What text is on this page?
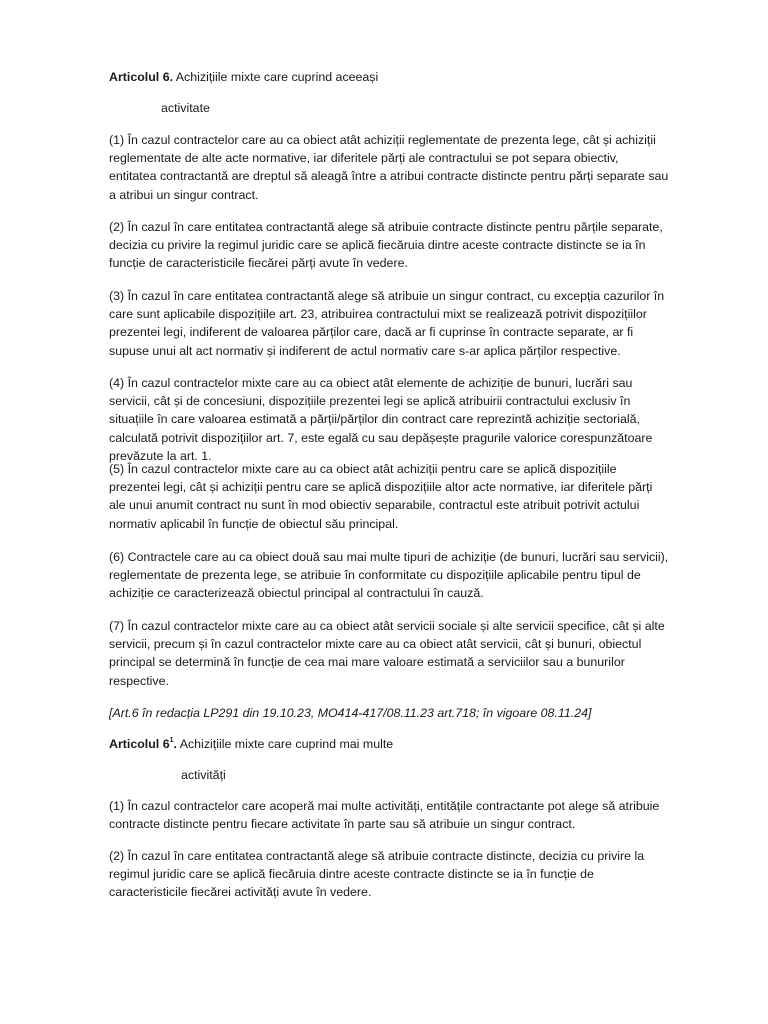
Articolul 6. Achizițiile mixte care cuprind aceeași

activitate

(1) În cazul contractelor care au ca obiect atât achiziții reglementate de prezenta lege, cât și achiziții reglementate de alte acte normative, iar diferitele părți ale contractului se pot separa obiectiv, entitatea contractantă are dreptul să aleagă între a atribui contracte distincte pentru părți separate sau a atribui un singur contract.

(2) În cazul în care entitatea contractantă alege să atribuie contracte distincte pentru părțile separate, decizia cu privire la regimul juridic care se aplică fiecăruia dintre aceste contracte distincte se ia în funcție de caracteristicile fiecărei părți avute în vedere.

(3) În cazul în care entitatea contractantă alege să atribuie un singur contract, cu excepția cazurilor în care sunt aplicabile dispozițiile art. 23, atribuirea contractului mixt se realizează potrivit dispozițiilor prezentei legi, indiferent de valoarea părților care, dacă ar fi cuprinse în contracte separate, ar fi supuse unui alt act normativ și indiferent de actul normativ care s-ar aplica părților respective.

(4) În cazul contractelor mixte care au ca obiect atât elemente de achiziție de bunuri, lucrări sau servicii, cât și de concesiuni, dispozițiile prezentei legi se aplică atribuirii contractului exclusiv în situațiile în care valoarea estimată a părții/părților din contract care reprezintă achiziție sectorială, calculată potrivit dispozițiilor art. 7, este egală cu sau depășește pragurile valorice corespunzătoare prevăzute la art. 1.

(5) În cazul contractelor mixte care au ca obiect atât achiziții pentru care se aplică dispozițiile prezentei legi, cât și achiziții pentru care se aplică dispozițiile altor acte normative, iar diferitele părți ale unui anumit contract nu sunt în mod obiectiv separabile, contractul este atribuit potrivit actului normativ aplicabil în funcție de obiectul său principal.

(6) Contractele care au ca obiect două sau mai multe tipuri de achiziție (de bunuri, lucrări sau servicii), reglementate de prezenta lege, se atribuie în conformitate cu dispozițiile aplicabile pentru tipul de achiziție ce caracterizează obiectul principal al contractului în cauză.

(7) În cazul contractelor mixte care au ca obiect atât servicii sociale și alte servicii specifice, cât și alte servicii, precum și în cazul contractelor mixte care au ca obiect atât servicii, cât și bunuri, obiectul principal se determină în funcție de cea mai mare valoare estimată a serviciilor sau a bunurilor respective.

[Art.6 în redacția LP291 din 19.10.23, MO414-417/08.11.23 art.718; în vigoare 08.11.24]

Articolul $6^1$. Achizițiile mixte care cuprind mai multe

activități

(1) În cazul contractelor care acoperă mai multe activități, entitățile contractante pot alege să atribuie contracte distincte pentru fiecare activitate în parte sau să atribuie un singur contract.

(2) În cazul în care entitatea contractantă alege să atribuie contracte distincte, decizia cu privire la regimul juridic care se aplică fiecăruia dintre aceste contracte distincte se ia în funcție de caracteristicile fiecărei activități avute în vedere.
